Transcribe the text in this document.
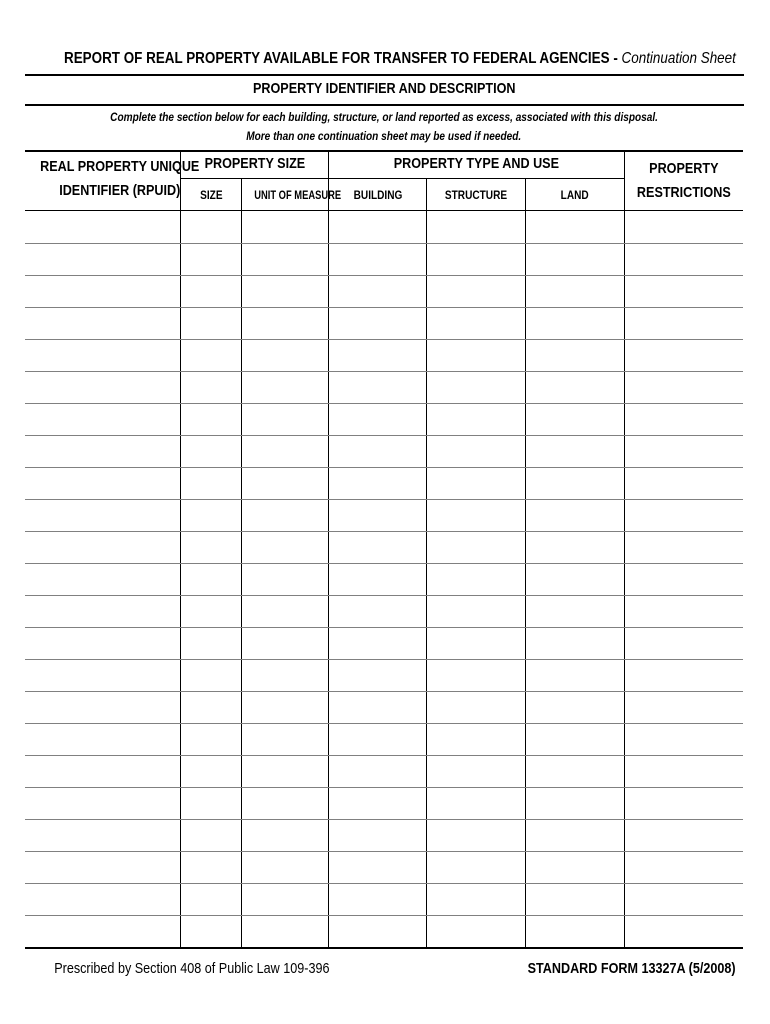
REPORT OF REAL PROPERTY AVAILABLE FOR TRANSFER TO FEDERAL AGENCIES - Continuation Sheet
PROPERTY IDENTIFIER AND DESCRIPTION
Complete the section below for each building, structure, or land reported as excess, associated with this disposal.
More than one continuation sheet may be used if needed.
REAL PROPERTY UNIQUE
IDENTIFIER (RPUID)
PROPERTY SIZE
SIZE	UNIT OF MEASURE
PROPERTY TYPE AND USE
BUILDING	STRUCTURE	LAND
PROPERTY
RESTRICTIONS
Prescribed by Section 408 of Public Law 109-396	STANDARD FORM 13327A (5/2008)
